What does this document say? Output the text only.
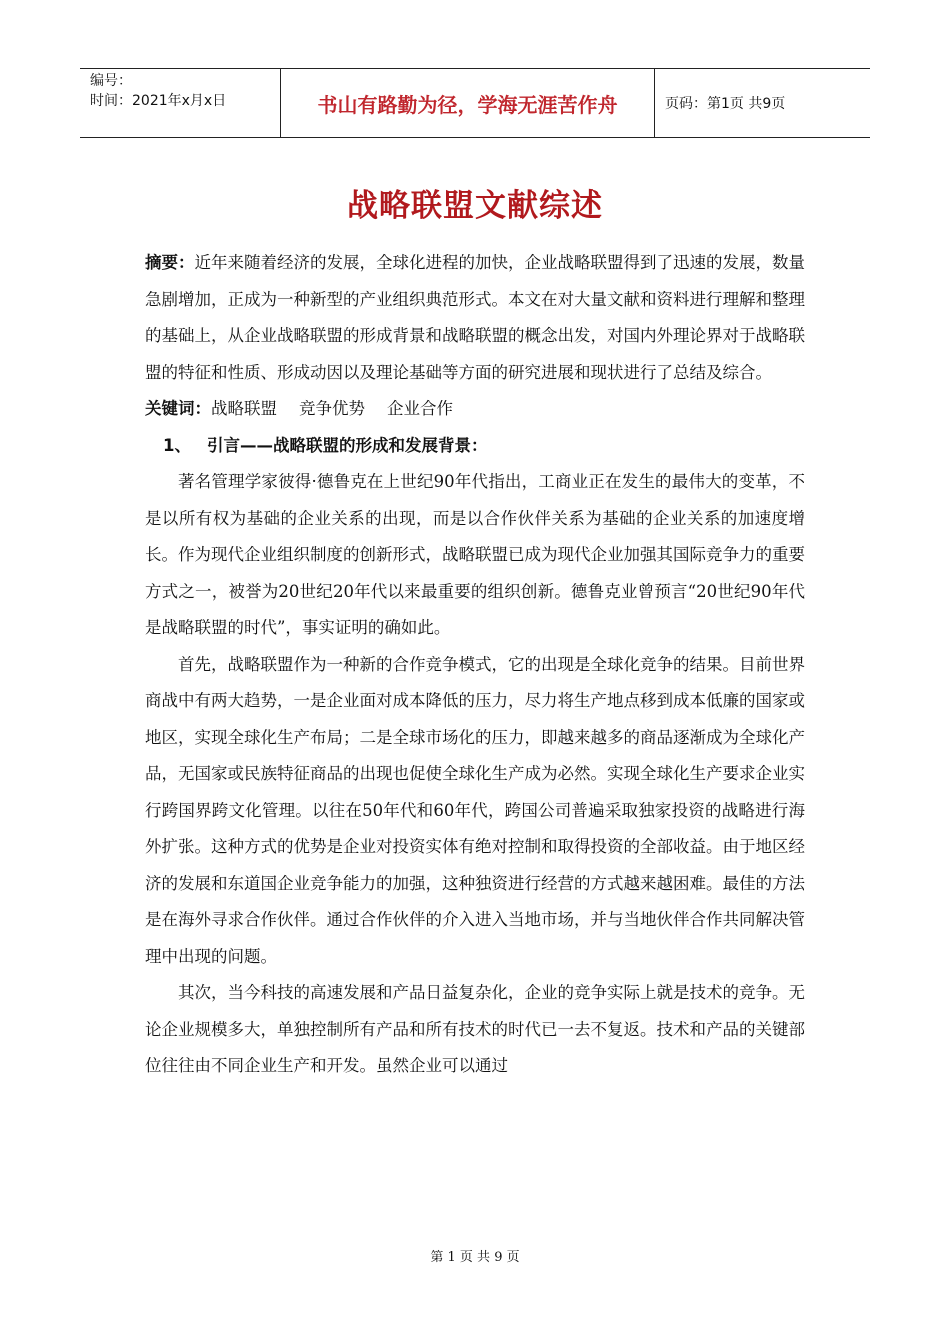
编号：
时间：2021年x月x日	书山有路勤为径，学海无涯苦作舟	页码：第1页 共9页
战略联盟文献综述

摘要：近年来随着经济的发展，全球化进程的加快，企业战略联盟得到了迅速的发展，数量急剧增加，正成为一种新型的产业组织典范形式。本文在对大量文献和资料进行理解和整理的基础上，从企业战略联盟的形成背景和战略联盟的概念出发，对国内外理论界对于战略联盟的特征和性质、形成动因以及理论基础等方面的研究进展和现状进行了总结及综合。

关键词：战略联盟 竞争优势 企业合作

1、 引言——战略联盟的形成和发展背景：

著名管理学家彼得·德鲁克在上世纪90年代指出，工商业正在发生的最伟大的变革，不是以所有权为基础的企业关系的出现，而是以合作伙伴关系为基础的企业关系的加速度增长。作为现代企业组织制度的创新形式，战略联盟已成为现代企业加强其国际竞争力的重要方式之一，被誉为20世纪20年代以来最重要的组织创新。德鲁克业曾预言“20世纪90年代是战略联盟的时代”，事实证明的确如此。

首先，战略联盟作为一种新的合作竞争模式，它的出现是全球化竞争的结果。目前世界商战中有两大趋势，一是企业面对成本降低的压力，尽力将生产地点移到成本低廉的国家或地区，实现全球化生产布局；二是全球市场化的压力，即越来越多的商品逐渐成为全球化产品，无国家或民族特征商品的出现也促使全球化生产成为必然。实现全球化生产要求企业实行跨国界跨文化管理。以往在50年代和60年代，跨国公司普遍采取独家投资的战略进行海外扩张。这种方式的优势是企业对投资实体有绝对控制和取得投资的全部收益。由于地区经济的发展和东道国企业竞争能力的加强，这种独资进行经营的方式越来越困难。最佳的方法是在海外寻求合作伙伴。通过合作伙伴的介入进入当地市场，并与当地伙伴合作共同解决管理中出现的问题。

其次，当今科技的高速发展和产品日益复杂化，企业的竞争实际上就是技术的竞争。无论企业规模多大，单独控制所有产品和所有技术的时代已一去不复返。技术和产品的关键部位往往由不同企业生产和开发。虽然企业可以通过

第 1 页 共 9 页
